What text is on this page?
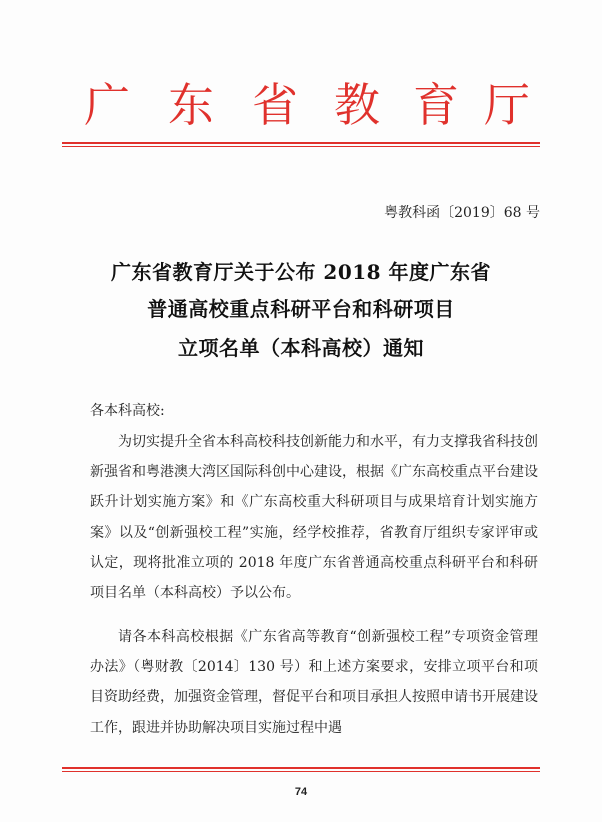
广 东 省 教 育 厅
粤教科函〔2019〕68 号
广东省教育厅关于公布 2018 年度广东省
普通高校重点科研平台和科研项目
立项名单（本科高校）通知
各本科高校:
为切实提升全省本科高校科技创新能力和水平，有力支撑我省科技创新强省和粤港澳大湾区国际科创中心建设，根据《广东高校重点平台建设跃升计划实施方案》和《广东高校重大科研项目与成果培育计划实施方案》以及“创新强校工程”实施，经学校推荐，省教育厅组织专家评审或认定，现将批准立项的 2018 年度广东省普通高校重点科研平台和科研项目名单（本科高校）予以公布。
请各本科高校根据《广东省高等教育“创新强校工程”专项资金管理办法》（粤财教〔2014〕130 号）和上述方案要求，安排立项平台和项目资助经费，加强资金管理，督促平台和项目承担人按照申请书开展建设工作，跟进并协助解决项目实施过程中遇
74
